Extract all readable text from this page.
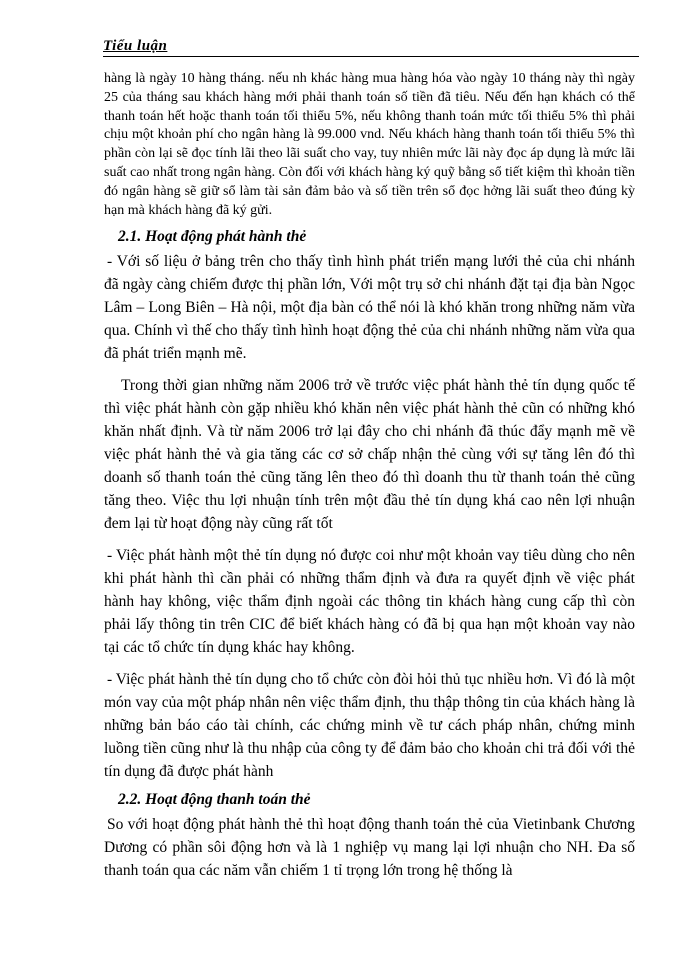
Tiểu luận

hàng là ngày 10 hàng tháng. nếu nh khác hàng mua hàng hóa vào ngày 10 tháng này thì ngày 25 của tháng sau khách hàng mới phải thanh toán số tiền đã tiêu. Nếu đến hạn khách có thể thanh toán hết hoặc thanh toán tối thiểu 5%, nếu không thanh toán mức tối thiểu 5% thì phải chịu một khoản phí cho ngân hàng là 99.000 vnd. Nếu khách hàng thanh toán tối thiểu 5% thì phần còn lại sẽ đọc tính lãi theo lãi suất cho vay, tuy nhiên mức lãi này đọc áp dụng là mức lãi suất cao nhất trong ngân hàng. Còn đối với khách hàng ký quỹ bằng sổ tiết kiệm thì khoản tiền đó ngân hàng sẽ giữ sổ làm tài sản đảm bảo và số tiền trên sổ đọc hởng lãi suất theo đúng kỳ hạn mà khách hàng đã ký gửi.

2.1. Hoạt động phát hành thẻ

- Với số liệu ở bảng trên cho thấy tình hình phát triển mạng lưới thẻ của chi nhánh đã ngày càng chiếm được thị phần lớn, Với một trụ sở chi nhánh đặt tại địa bàn Ngọc Lâm – Long Biên – Hà nội, một địa bàn có thể nói là khó khăn trong những năm vừa qua. Chính vì thế cho thấy tình hình hoạt động thẻ của chi nhánh những năm vừa qua đã phát triển mạnh mẽ.

Trong thời gian những năm 2006 trở về trước việc phát hành thẻ tín dụng quốc tế thì việc phát hành còn gặp nhiều khó khăn nên việc phát hành thẻ cũn có những khó khăn nhất định. Và từ năm 2006 trở lại đây cho chi nhánh đã thúc đẩy mạnh mẽ về việc phát hành thẻ và gia tăng các cơ sở chấp nhận thẻ cùng với sự tăng lên đó thì doanh số thanh toán thẻ cũng tăng lên theo đó thì doanh thu từ thanh toán thẻ cũng tăng theo. Việc thu lợi nhuận tính trên một đầu thẻ tín dụng khá cao nên lợi nhuận đem lại từ hoạt động này cũng rất tốt

- Việc phát hành một thẻ tín dụng nó được coi như một khoản vay tiêu dùng cho nên khi phát hành thì cần phải có những thẩm định và đưa ra quyết định về việc phát hành hay không, việc thẩm định ngoài các thông tin khách hàng cung cấp thì còn phải lấy thông tin trên CIC để biết khách hàng có đã bị qua hạn một khoản vay nào tại các tổ chức tín dụng khác hay không.

- Việc phát hành thẻ tín dụng cho tổ chức còn đòi hỏi thủ tục nhiều hơn. Vì đó là một món vay của một pháp nhân nên việc thẩm định, thu thập thông tin của khách hàng là những bản báo cáo tài chính, các chứng minh về tư cách pháp nhân, chứng minh luồng tiền cũng như là thu nhập của công ty để đảm bảo cho khoản chi trả đối với thẻ tín dụng đã được phát hành

2.2. Hoạt động thanh toán thẻ

So với hoạt động phát hành thẻ thì hoạt động thanh toán thẻ của Vietinbank Chương Dương có phần sôi động hơn và là 1 nghiệp vụ mang lại lợi nhuận cho NH. Đa số thanh toán qua các năm vẫn chiếm 1 tỉ trọng lớn trong hệ thống là
